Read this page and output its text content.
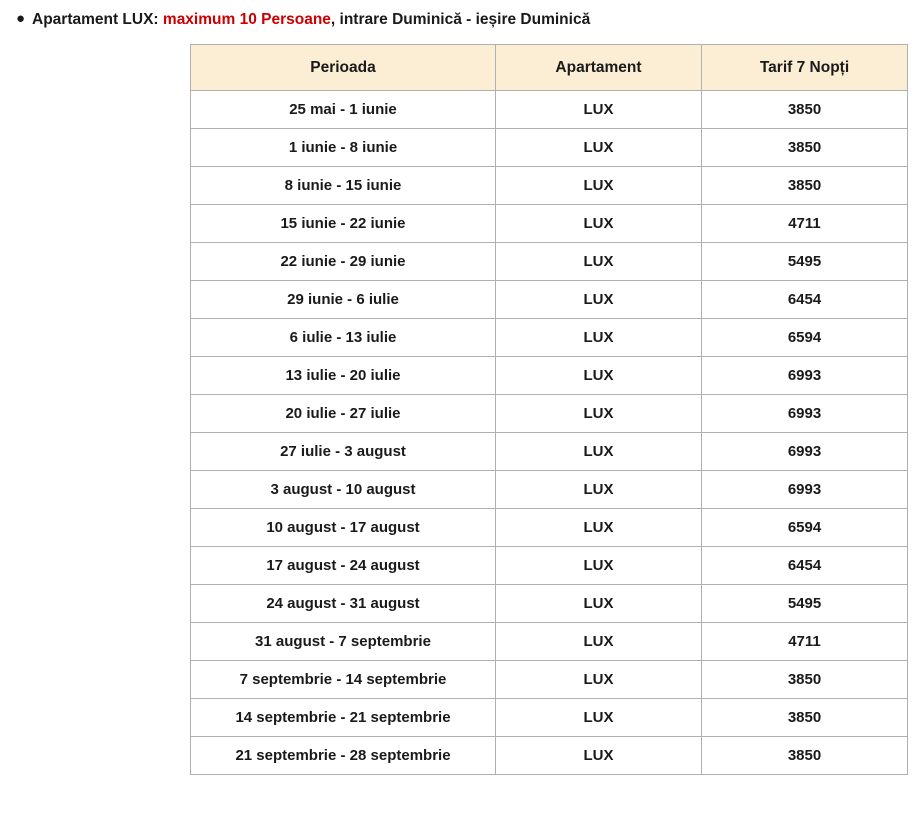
● Apartament LUX: maximum 10 Persoane, intrare Duminică - ieșire Duminică
Perioada	Apartament	Tarif 7 Nopți
25 mai - 1 iunie	LUX	3850
1 iunie - 8 iunie	LUX	3850
8 iunie - 15 iunie	LUX	3850
15 iunie - 22 iunie	LUX	4711
22 iunie - 29 iunie	LUX	5495
29 iunie - 6 iulie	LUX	6454
6 iulie - 13 iulie	LUX	6594
13 iulie - 20 iulie	LUX	6993
20 iulie - 27 iulie	LUX	6993
27 iulie - 3 august	LUX	6993
3 august - 10 august	LUX	6993
10 august - 17 august	LUX	6594
17 august - 24 august	LUX	6454
24 august - 31 august	LUX	5495
31 august - 7 septembrie	LUX	4711
7 septembrie - 14 septembrie	LUX	3850
14 septembrie - 21 septembrie	LUX	3850
21 septembrie - 28 septembrie	LUX	3850
